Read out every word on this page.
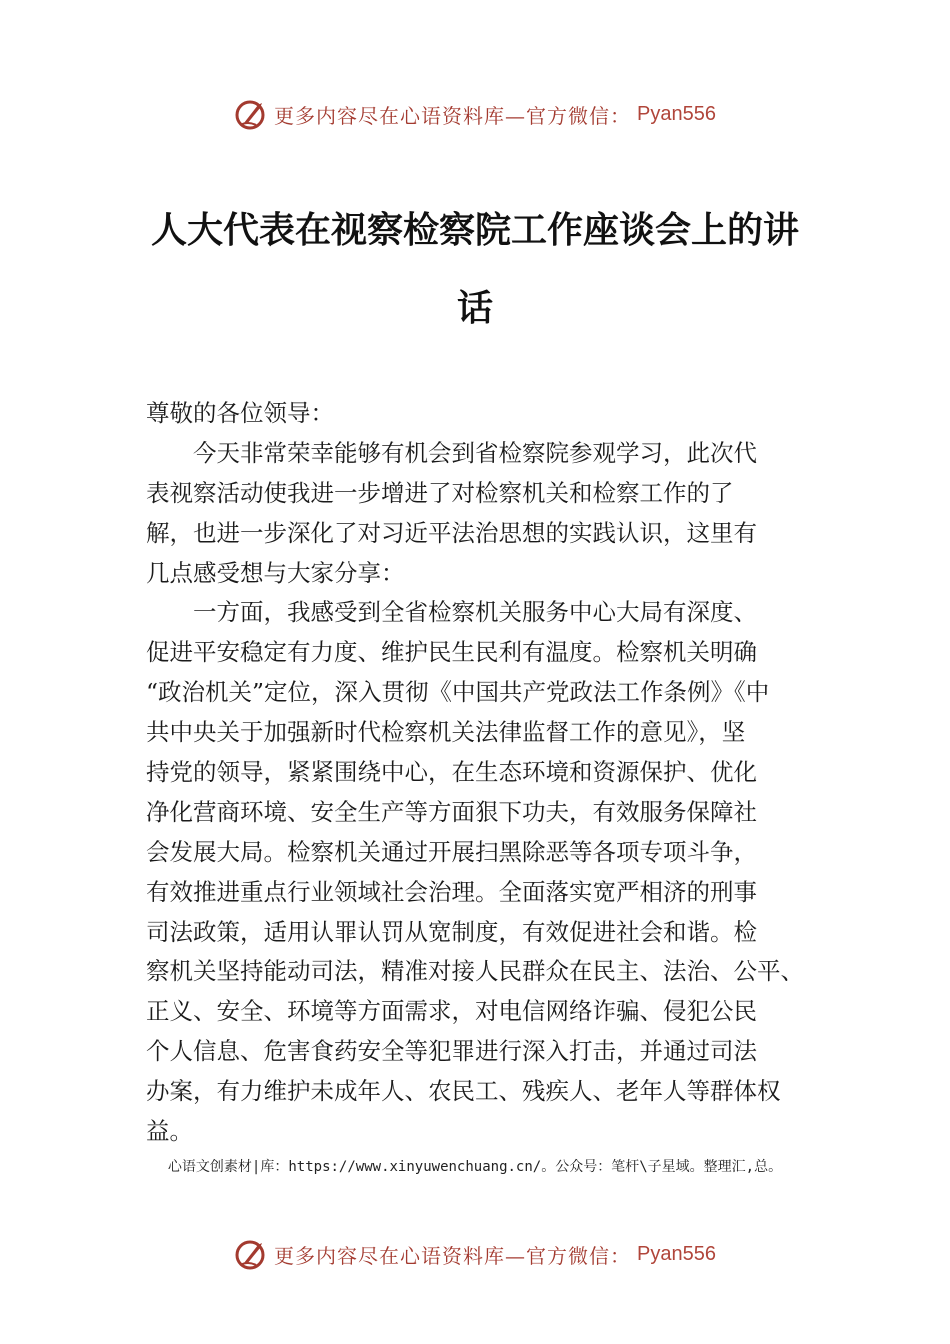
更多内容尽在心语资料库—官方微信： Pyan556
人大代表在视察检察院工作座谈会上的讲
话
尊敬的各位领导：
　　今天非常荣幸能够有机会到省检察院参观学习，此次代
表视察活动使我进一步增进了对检察机关和检察工作的了
解，也进一步深化了对习近平法治思想的实践认识，这里有
几点感受想与大家分享：
　　一方面，我感受到全省检察机关服务中心大局有深度、
促进平安稳定有力度、维护民生民利有温度。检察机关明确
“政治机关”定位，深入贯彻《中国共产党政法工作条例》《中
共中央关于加强新时代检察机关法律监督工作的意见》，坚
持党的领导，紧紧围绕中心，在生态环境和资源保护、优化
净化营商环境、安全生产等方面狠下功夫，有效服务保障社
会发展大局。检察机关通过开展扫黑除恶等各项专项斗争，
有效推进重点行业领域社会治理。全面落实宽严相济的刑事
司法政策，适用认罪认罚从宽制度，有效促进社会和谐。检
察机关坚持能动司法，精准对接人民群众在民主、法治、公平、
正义、安全、环境等方面需求，对电信网络诈骗、侵犯公民
个人信息、危害食药安全等犯罪进行深入打击，并通过司法
办案，有力维护未成年人、农民工、残疾人、老年人等群体权
益。
心语文创素材|库：https://www.xinyuwenchuang.cn/。公众号：笔杆\子星域。整理汇,总。
更多内容尽在心语资料库—官方微信： Pyan556
